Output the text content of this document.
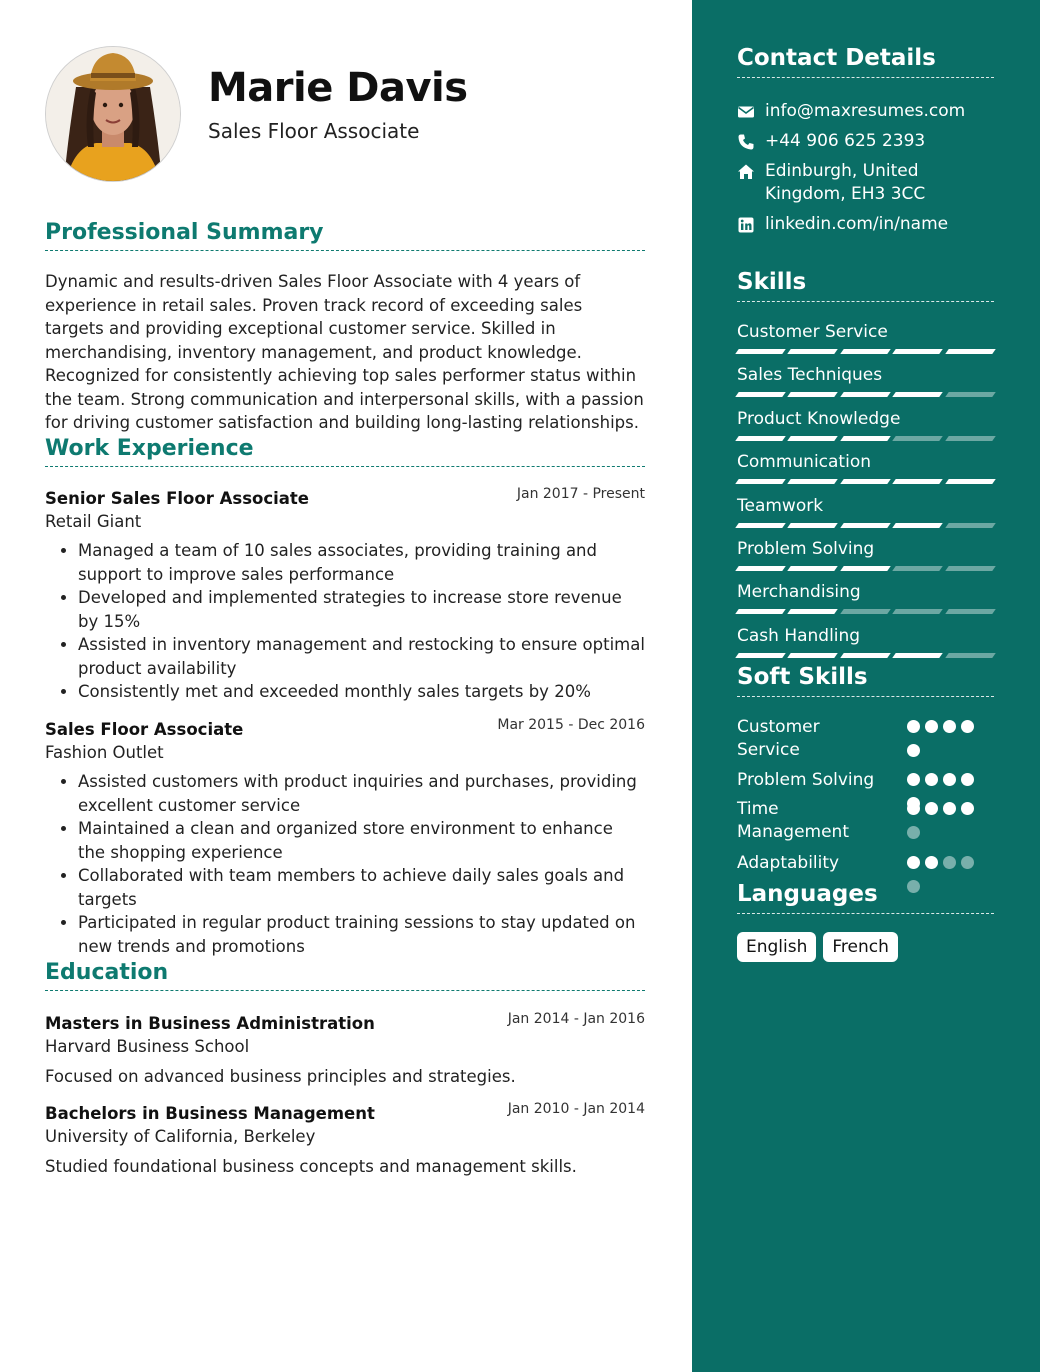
Marie Davis
Sales Floor Associate
Professional Summary

Dynamic and results-driven Sales Floor Associate with 4 years of experience in retail sales. Proven track record of exceeding sales targets and providing exceptional customer service. Skilled in merchandising, inventory management, and product knowledge. Recognized for consistently achieving top sales performer status within the team. Strong communication and interpersonal skills, with a passion for driving customer satisfaction and building long-lasting relationships.

Work Experience
Senior Sales Floor Associate	Jan 2017 - Present
Retail Giant
• Managed a team of 10 sales associates, providing training and support to improve sales performance
• Developed and implemented strategies to increase store revenue by 15%
• Assisted in inventory management and restocking to ensure optimal product availability
• Consistently met and exceeded monthly sales targets by 20%
Sales Floor Associate	Mar 2015 - Dec 2016
Fashion Outlet
• Assisted customers with product inquiries and purchases, providing excellent customer service
• Maintained a clean and organized store environment to enhance the shopping experience
• Collaborated with team members to achieve daily sales goals and targets
• Participated in regular product training sessions to stay updated on new trends and promotions
Education
Masters in Business Administration	Jan 2014 - Jan 2016
Harvard Business School
Focused on advanced business principles and strategies.
Bachelors in Business Management	Jan 2010 - Jan 2014
University of California, Berkeley
Studied foundational business concepts and management skills.
Contact Details
info@maxresumes.com
+44 906 625 2393
Edinburgh, United Kingdom, EH3 3CC
linkedin.com/in/name
Skills
Customer Service
Sales Techniques
Product Knowledge
Communication
Teamwork
Problem Solving
Merchandising
Cash Handling
Soft Skills
Customer Service
Problem Solving
Time Management
Adaptability
Languages
English	French
